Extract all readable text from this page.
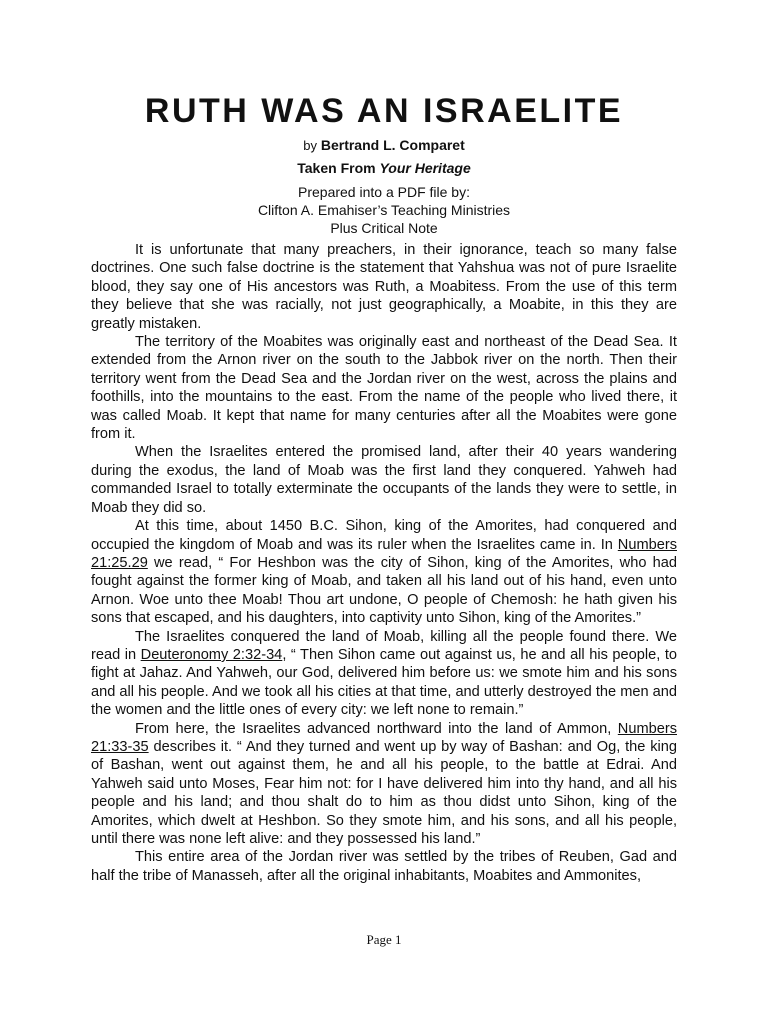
RUTH WAS AN ISRAELITE
by Bertrand L. Comparet
Taken From Your Heritage
Prepared into a PDF file by:
Clifton A. Emahiser’s Teaching Ministries
Plus Critical Note

It is unfortunate that many preachers, in their ignorance, teach so many false doctrines. One such false doctrine is the statement that Yahshua was not of pure Israelite blood, they say one of His ancestors was Ruth, a Moabitess. From the use of this term they believe that she was racially, not just geographically, a Moabite, in this they are greatly mistaken.

The territory of the Moabites was originally east and northeast of the Dead Sea. It extended from the Arnon river on the south to the Jabbok river on the north. Then their territory went from the Dead Sea and the Jordan river on the west, across the plains and foothills, into the mountains to the east. From the name of the people who lived there, it was called Moab. It kept that name for many centuries after all the Moabites were gone from it.

When the Israelites entered the promised land, after their 40 years wandering during the exodus, the land of Moab was the first land they conquered. Yahweh had commanded Israel to totally exterminate the occupants of the lands they were to settle, in Moab they did so.

At this time, about 1450 B.C. Sihon, king of the Amorites, had conquered and occupied the kingdom of Moab and was its ruler when the Israelites came in. In Numbers 21:25.29 we read, “ For Heshbon was the city of Sihon, king of the Amorites, who had fought against the former king of Moab, and taken all his land out of his hand, even unto Arnon. Woe unto thee Moab! Thou art undone, O people of Chemosh: he hath given his sons that escaped, and his daughters, into captivity unto Sihon, king of the Amorites.”

The Israelites conquered the land of Moab, killing all the people found there. We read in Deuteronomy 2:32-34, “ Then Sihon came out against us, he and all his people, to fight at Jahaz. And Yahweh, our God, delivered him before us: we smote him and his sons and all his people. And we took all his cities at that time, and utterly destroyed the men and the women and the little ones of every city: we left none to remain.”

From here, the Israelites advanced northward into the land of Ammon, Numbers 21:33-35 describes it. “ And they turned and went up by way of Bashan: and Og, the king of Bashan, went out against them, he and all his people, to the battle at Edrai. And Yahweh said unto Moses, Fear him not: for I have delivered him into thy hand, and all his people and his land; and thou shalt do to him as thou didst unto Sihon, king of the Amorites, which dwelt at Heshbon. So they smote him, and his sons, and all his people, until there was none left alive: and they possessed his land.”

This entire area of the Jordan river was settled by the tribes of Reuben, Gad and half the tribe of Manasseh, after all the original inhabitants, Moabites and Ammonites,

Page 1
